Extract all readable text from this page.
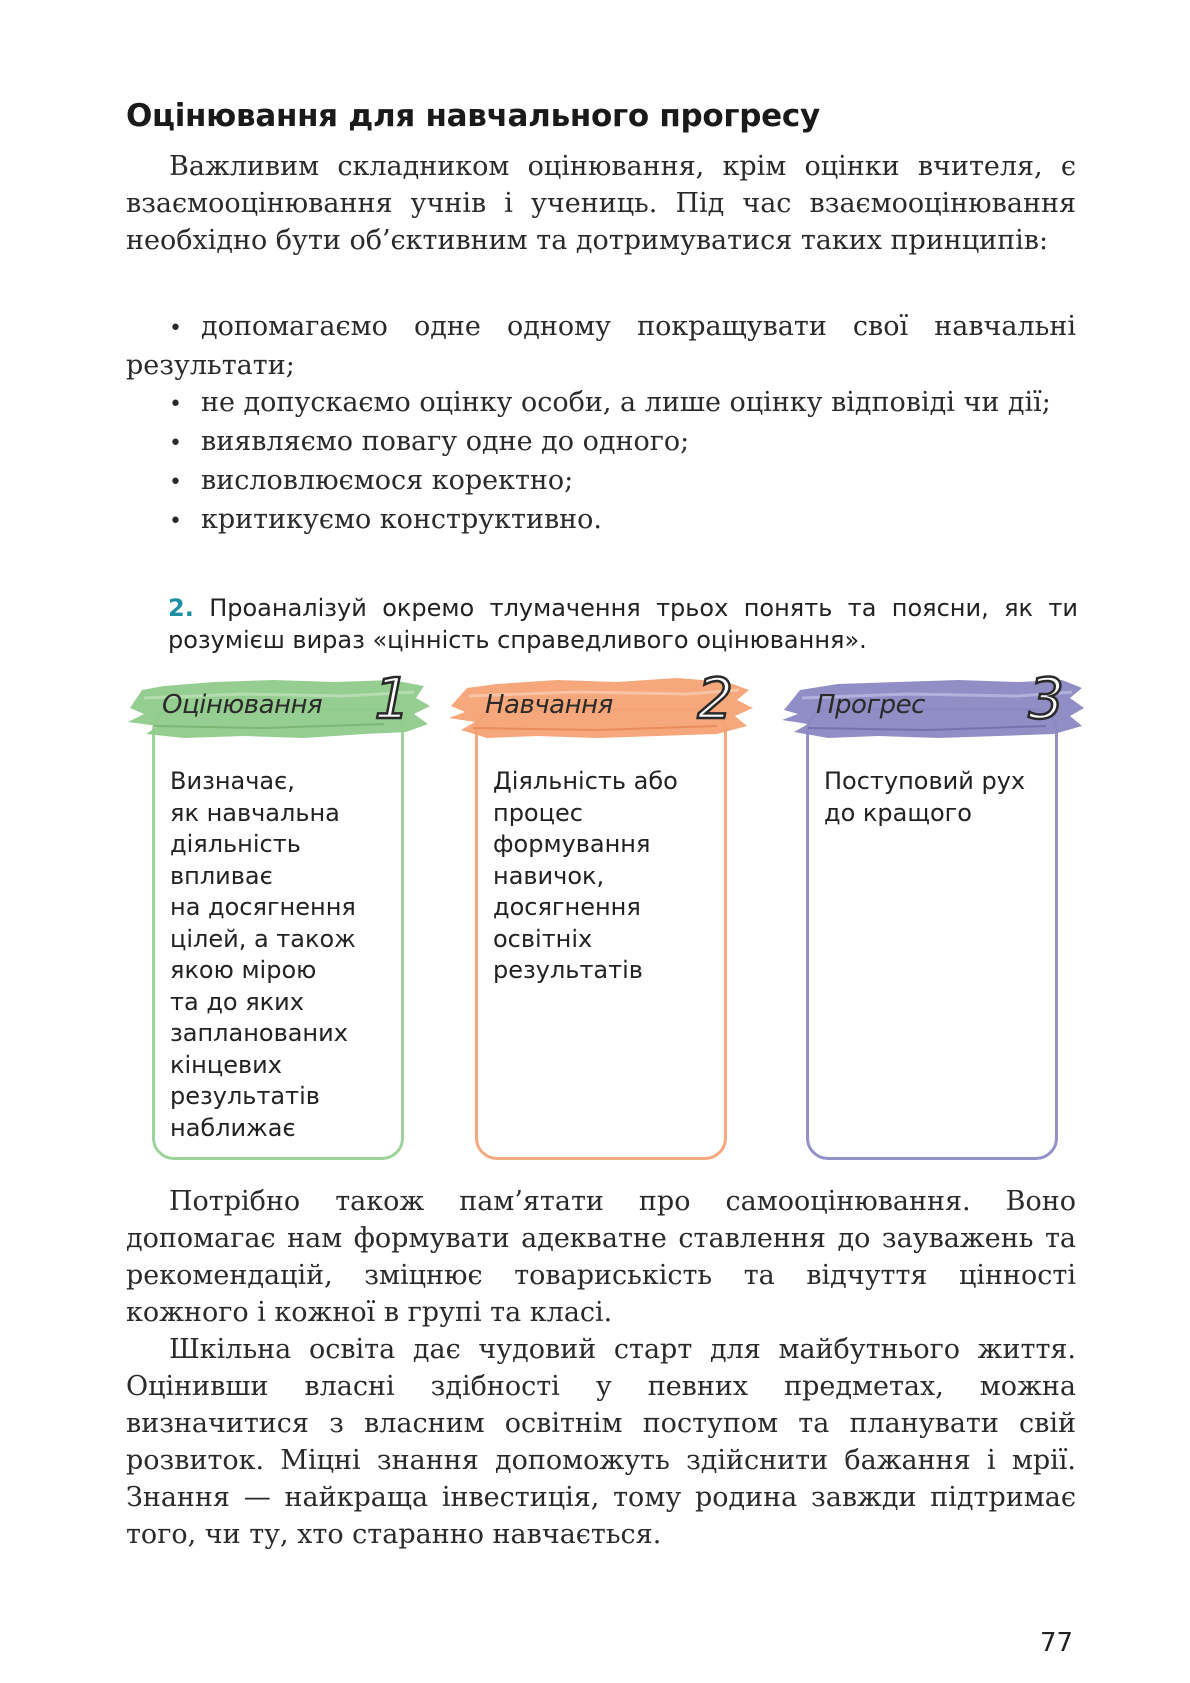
Оцінювання для навчального прогресу

Важливим складником оцінювання, крім оцінки вчителя, є взаємооцінювання учнів і учениць. Під час взаємооцінювання необхідно бути об’єктивним та дотримуватися таких принципів:

• допомагаємо одне одному покращувати свої навчальні результати;
• не допускаємо оцінку особи, а лише оцінку відповіді чи дії;
• виявляємо повагу одне до одного;
• висловлюємося коректно;
• критикуємо конструктивно.
2. Проаналізуй окремо тлумачення трьох понять та поясни, як ти розумієш вираз «цінність справедливого оцінювання».
Оцінювання 1
Визначає,
як навчальна
діяльність
впливає
на досягнення
цілей, а також
якою мірою
та до яких
запланованих
кінцевих
результатів
наближає
Навчання 2
Діяльність або
процес
формування
навичок,
досягнення
освітніх
результатів
Прогрес 3
Поступовий рух
до кращого

Потрібно також пам’ятати про самооцінювання. Воно допомагає нам формувати адекватне ставлення до зауважень та рекомендацій, зміцнює товариськість та відчуття цінності кожного і кожної в групі та класі.

Шкільна освіта дає чудовий старт для майбутнього життя. Оцінивши власні здібності у певних предметах, можна визначитися з власним освітнім поступом та планувати свій розвиток. Міцні знання допоможуть здійснити бажання і мрії. Знання — найкраща інвестиція, тому родина завжди підтримає того, чи ту, хто старанно навчається.

77
